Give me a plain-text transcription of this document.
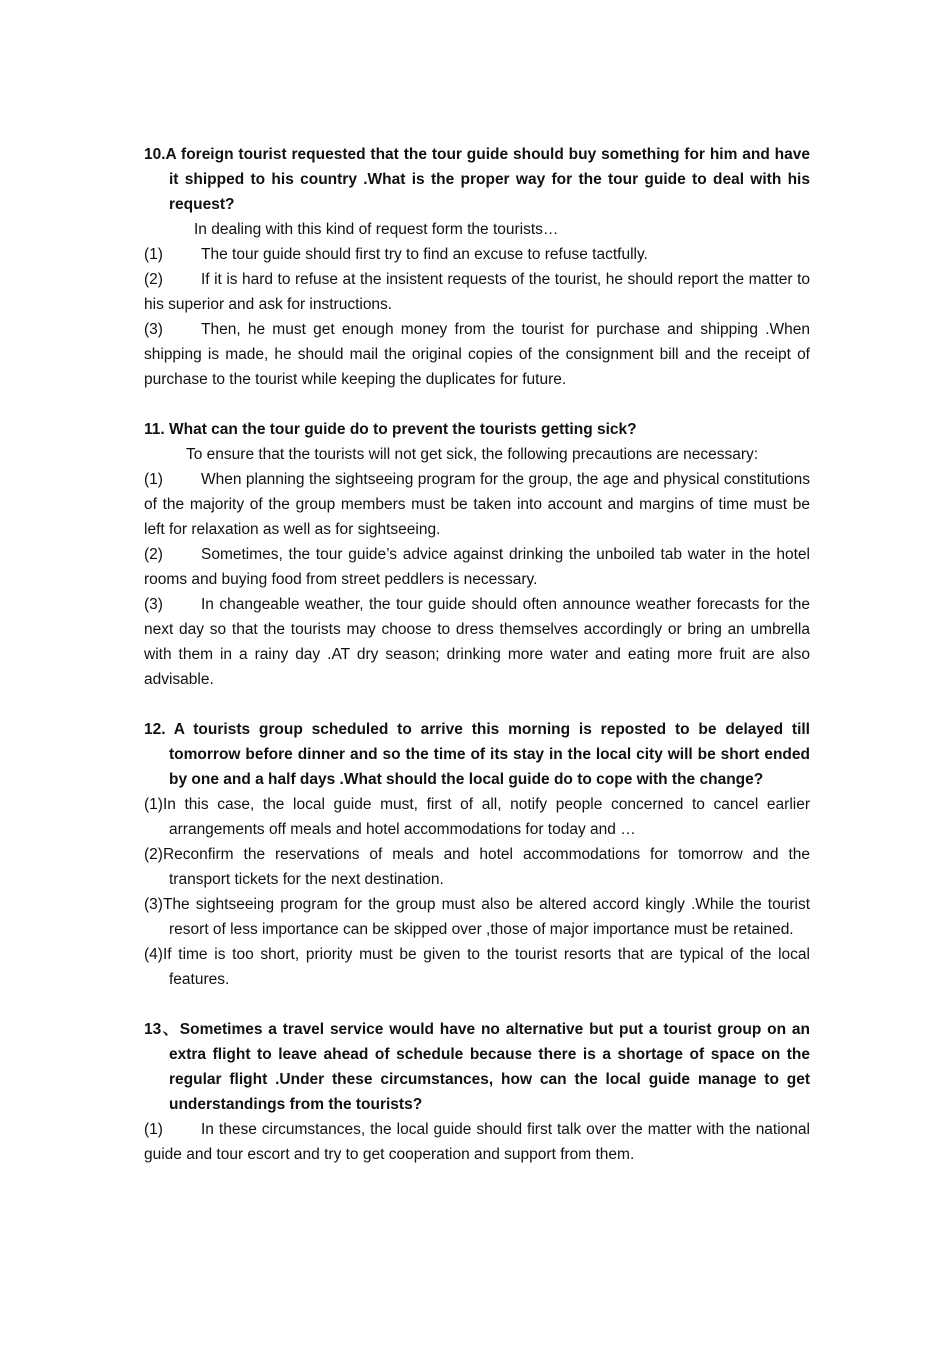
10.A foreign tourist requested that the tour guide should buy something for him and have it shipped to his country .What is the proper way for the tour guide to deal with his request?
In dealing with this kind of request form the tourists…
(1) The tour guide should first try to find an excuse to refuse tactfully.
(2) If it is hard to refuse at the insistent requests of the tourist, he should report the matter to his superior and ask for instructions.
(3) Then, he must get enough money from the tourist for purchase and shipping .When shipping is made, he should mail the original copies of the consignment bill and the receipt of purchase to the tourist while keeping the duplicates for future.
11. What can the tour guide do to prevent the tourists getting sick?
To ensure that the tourists will not get sick, the following precautions are necessary:
(1) When planning the sightseeing program for the group, the age and physical constitutions of the majority of the group members must be taken into account and margins of time must be left for relaxation as well as for sightseeing.
(2) Sometimes, the tour guide’s advice against drinking the unboiled tab water in the hotel rooms and buying food from street peddlers is necessary.
(3) In changeable weather, the tour guide should often announce weather forecasts for the next day so that the tourists may choose to dress themselves accordingly or bring an umbrella with them in a rainy day .AT dry season; drinking more water and eating more fruit are also advisable.
12. A tourists group scheduled to arrive this morning is reposted to be delayed till tomorrow before dinner and so the time of its stay in the local city will be short ended by one and a half days .What should the local guide do to cope with the change?
(1)In this case, the local guide must, first of all, notify people concerned to cancel earlier arrangements off meals and hotel accommodations for today and …
(2)Reconfirm the reservations of meals and hotel accommodations for tomorrow and the transport tickets for the next destination.
(3)The sightseeing program for the group must also be altered accord kingly .While the tourist resort of less importance can be skipped over ,those of major importance must be retained.
(4)If time is too short, priority must be given to the tourist resorts that are typical of the local features.
13、Sometimes a travel service would have no alternative but put a tourist group on an extra flight to leave ahead of schedule because there is a shortage of space on the regular flight .Under these circumstances, how can the local guide manage to get understandings from the tourists?
(1) In these circumstances, the local guide should first talk over the matter with the national guide and tour escort and try to get cooperation and support from them.
